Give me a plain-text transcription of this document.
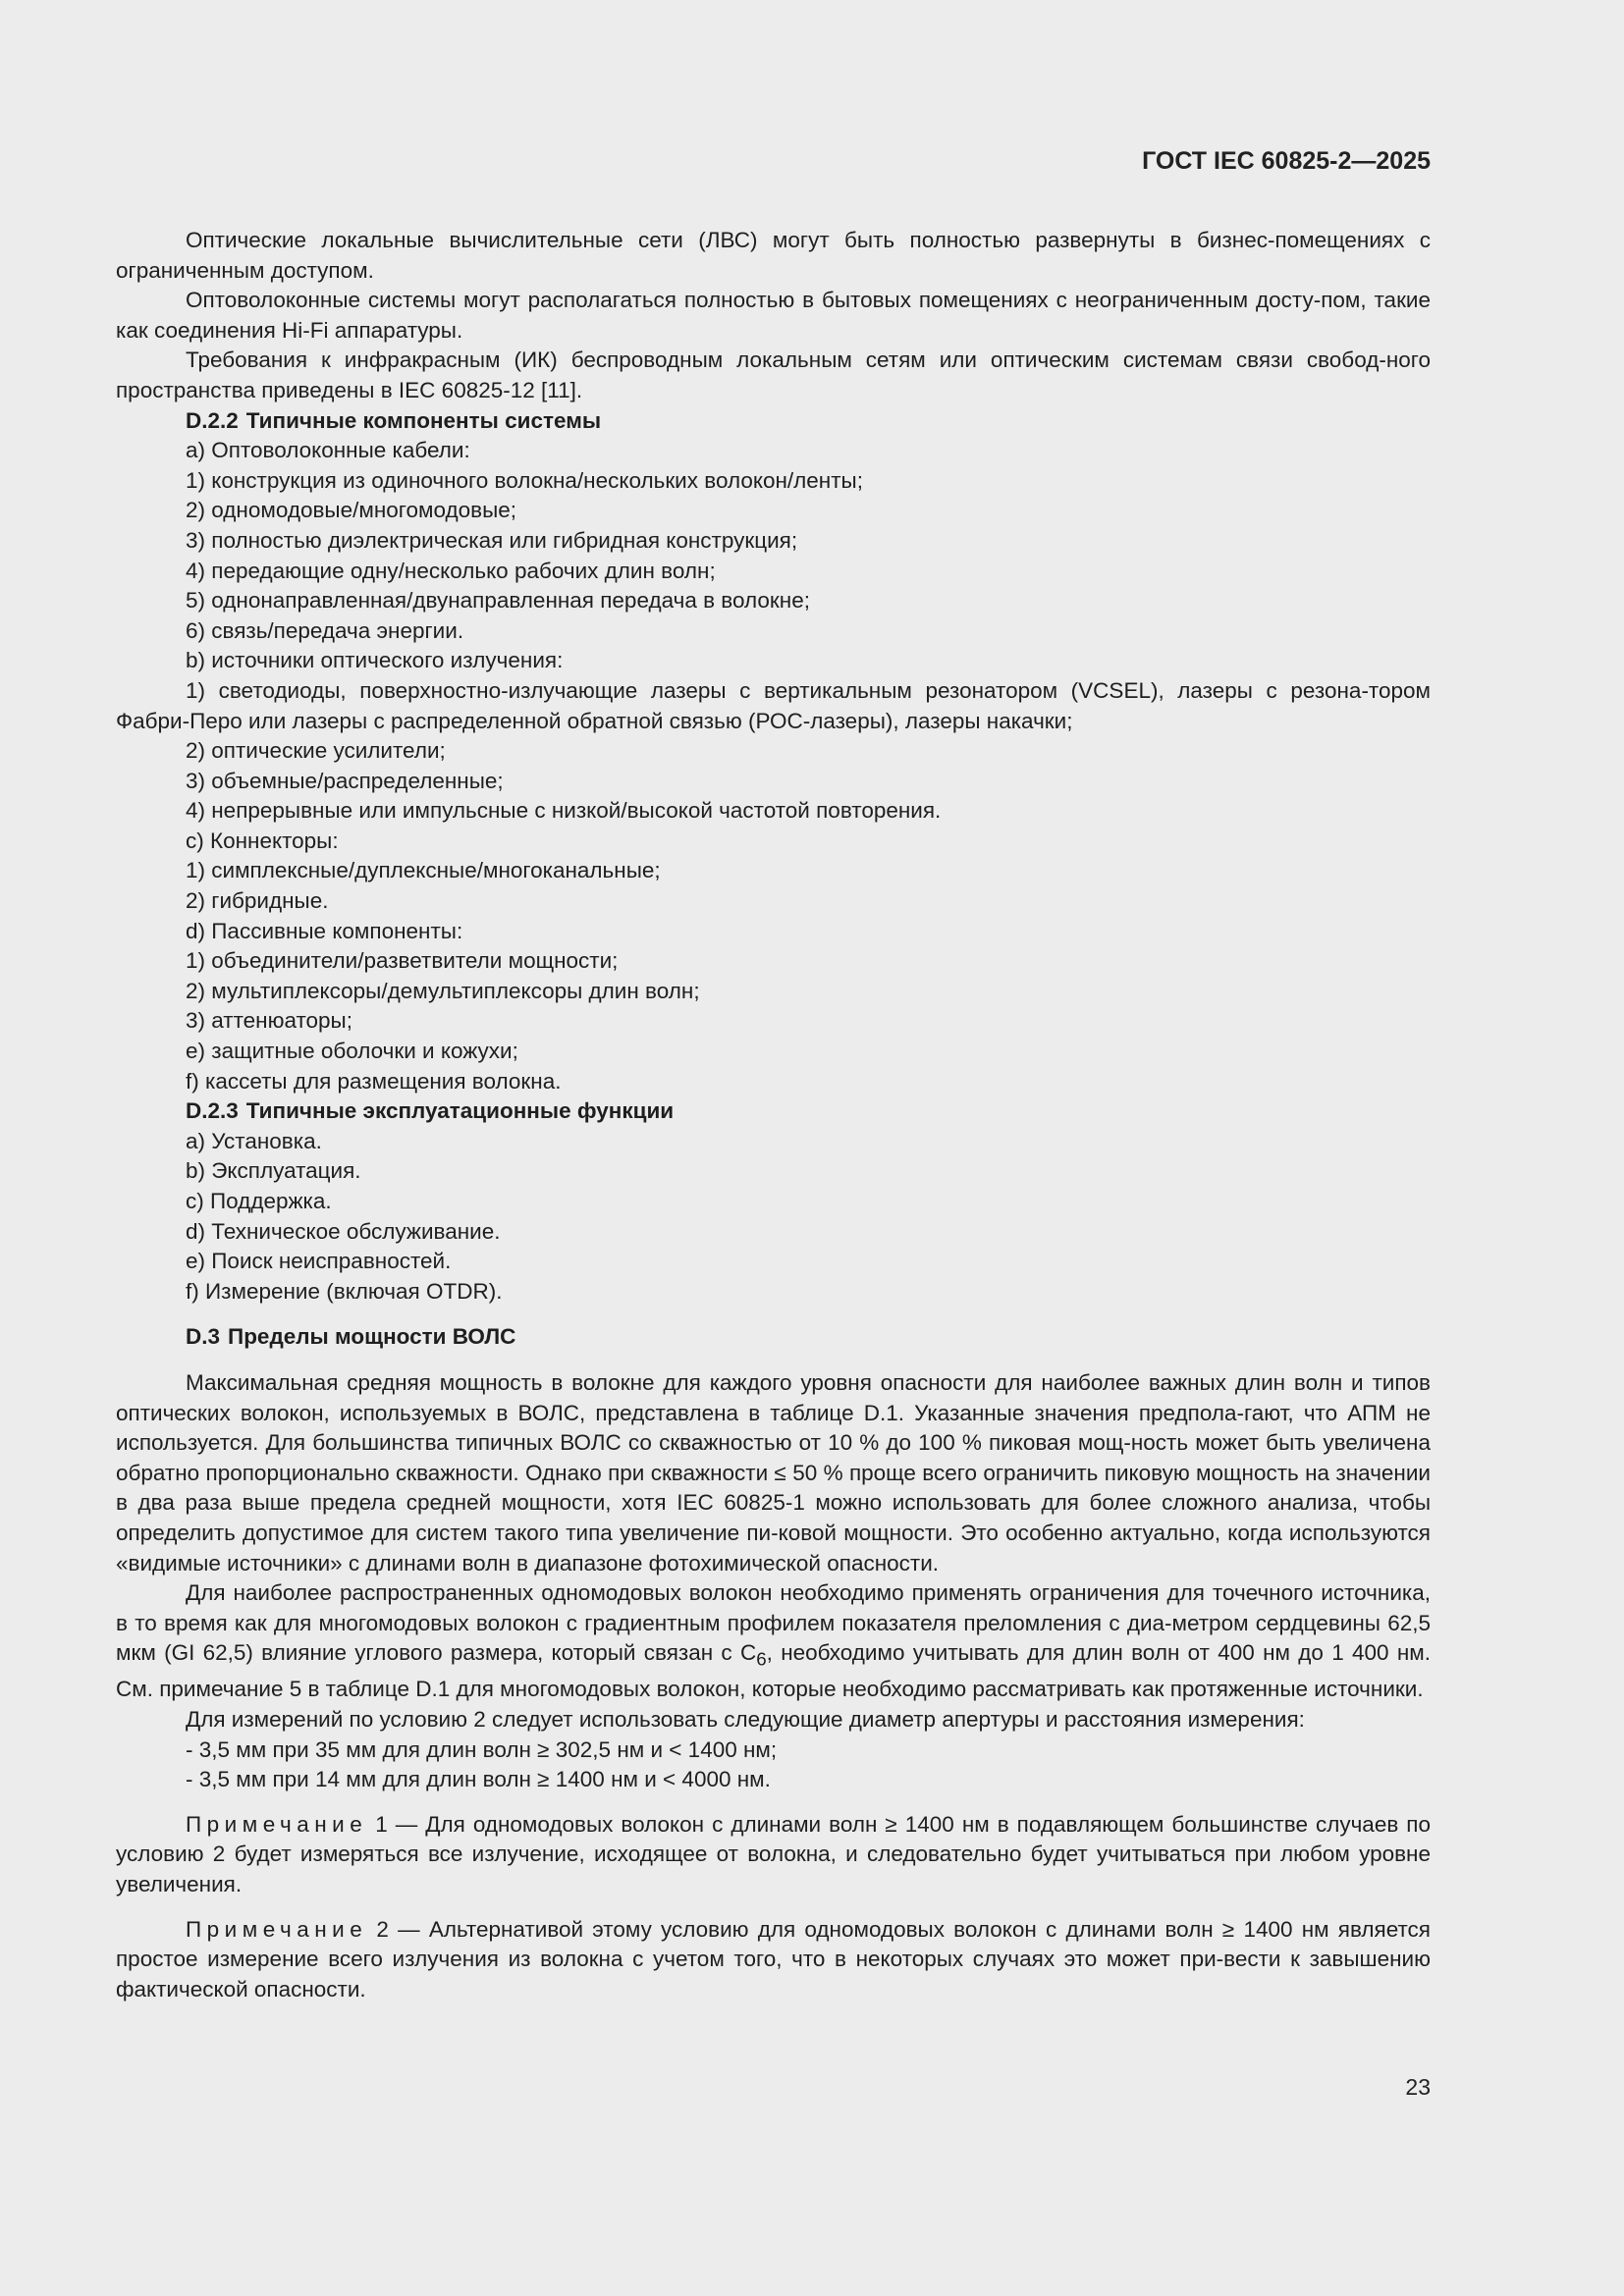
ГОСТ IEC 60825-2—2025

Оптические локальные вычислительные сети (ЛВС) могут быть полностью развернуты в бизнес-помещениях с ограниченным доступом.

Оптоволоконные системы могут располагаться полностью в бытовых помещениях с неограниченным досту-пом, такие как соединения Hi-Fi аппаратуры.

Требования к инфракрасным (ИК) беспроводным локальным сетям или оптическим системам связи свобод-ного пространства приведены в IEC 60825-12 [11].

D.2.2 Типичные компоненты системы

a) Оптоволоконные кабели:

1) конструкция из одиночного волокна/нескольких волокон/ленты;

2) одномодовые/многомодовые;

3) полностью диэлектрическая или гибридная конструкция;

4) передающие одну/несколько рабочих длин волн;

5) однонаправленная/двунаправленная передача в волокне;

6) связь/передача энергии.

b) источники оптического излучения:

1) светодиоды, поверхностно-излучающие лазеры с вертикальным резонатором (VCSEL), лазеры с резона-тором Фабри-Перо или лазеры с распределенной обратной связью (РОС-лазеры), лазеры накачки;

2) оптические усилители;

3) объемные/распределенные;

4) непрерывные или импульсные с низкой/высокой частотой повторения.

c) Коннекторы:

1) симплексные/дуплексные/многоканальные;

2) гибридные.

d) Пассивные компоненты:

1) объединители/разветвители мощности;

2) мультиплексоры/демультиплексоры длин волн;

3) аттенюаторы;

e) защитные оболочки и кожухи;

f) кассеты для размещения волокна.

D.2.3 Типичные эксплуатационные функции

a) Установка.

b) Эксплуатация.

c) Поддержка.

d) Техническое обслуживание.

e) Поиск неисправностей.

f) Измерение (включая OTDR).

D.3 Пределы мощности ВОЛС

Максимальная средняя мощность в волокне для каждого уровня опасности для наиболее важных длин волн и типов оптических волокон, используемых в ВОЛС, представлена в таблице D.1. Указанные значения предпола-гают, что АПМ не используется. Для большинства типичных ВОЛС со скважностью от 10 % до 100 % пиковая мощ-ность может быть увеличена обратно пропорционально скважности. Однако при скважности ≤ 50 % проще всего ограничить пиковую мощность на значении в два раза выше предела средней мощности, хотя IEC 60825-1 можно использовать для более сложного анализа, чтобы определить допустимое для систем такого типа увеличение пи-ковой мощности. Это особенно актуально, когда используются «видимые источники» с длинами волн в диапазоне фотохимической опасности.

Для наиболее распространенных одномодовых волокон необходимо применять ограничения для точечного источника, в то время как для многомодовых волокон с градиентным профилем показателя преломления с диа-метром сердцевины 62,5 мкм (GI 62,5) влияние углового размера, который связан с $C_6$, необходимо учитывать для длин волн от 400 нм до 1 400 нм. См. примечание 5 в таблице D.1 для многомодовых волокон, которые необходимо рассматривать как протяженные источники.

Для измерений по условию 2 следует использовать следующие диаметр апертуры и расстояния измерения:

- 3,5 мм при 35 мм для длин волн ≥ 302,5 нм и < 1400 нм;

- 3,5 мм при 14 мм для длин волн ≥ 1400 нм и < 4000 нм.

Примечание 1 — Для одномодовых волокон с длинами волн ≥ 1400 нм в подавляющем большинстве случаев по условию 2 будет измеряться все излучение, исходящее от волокна, и следовательно будет учитываться при любом уровне увеличения.

Примечание 2 — Альтернативой этому условию для одномодовых волокон с длинами волн ≥ 1400 нм является простое измерение всего излучения из волокна с учетом того, что в некоторых случаях это может при-вести к завышению фактической опасности.

23
